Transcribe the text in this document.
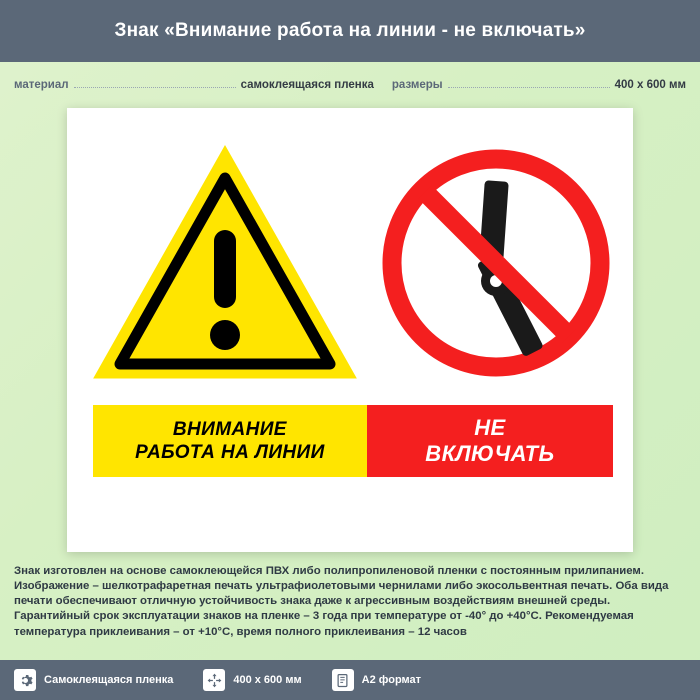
Знак «Внимание работа на линии - не включать»
материал	самоклеящаяся пленка размеры	400 x 600 мм
ВНИМАНИЕ
РАБОТА НА ЛИНИИ
НЕ
ВКЛЮЧАТЬ
Знак изготовлен на основе самоклеющейся ПВХ либо полипропиленовой пленки с постоянным прилипанием. Изображение – шелкотрафаретная печать ультрафиолетовыми чернилами либо экосольвентная печать. Оба вида печати обеспечивают отличную устойчивость знака даже к агрессивным воздействиям внешней среды. Гарантийный срок эксплуатации знаков на пленке – 3 года при температуре от -40° до +40°C. Рекомендуемая температура приклеивания – от +10°C, время полного приклеивания – 12 часов
Самоклеящаяся пленка	400 x 600 мм	A2 формат
